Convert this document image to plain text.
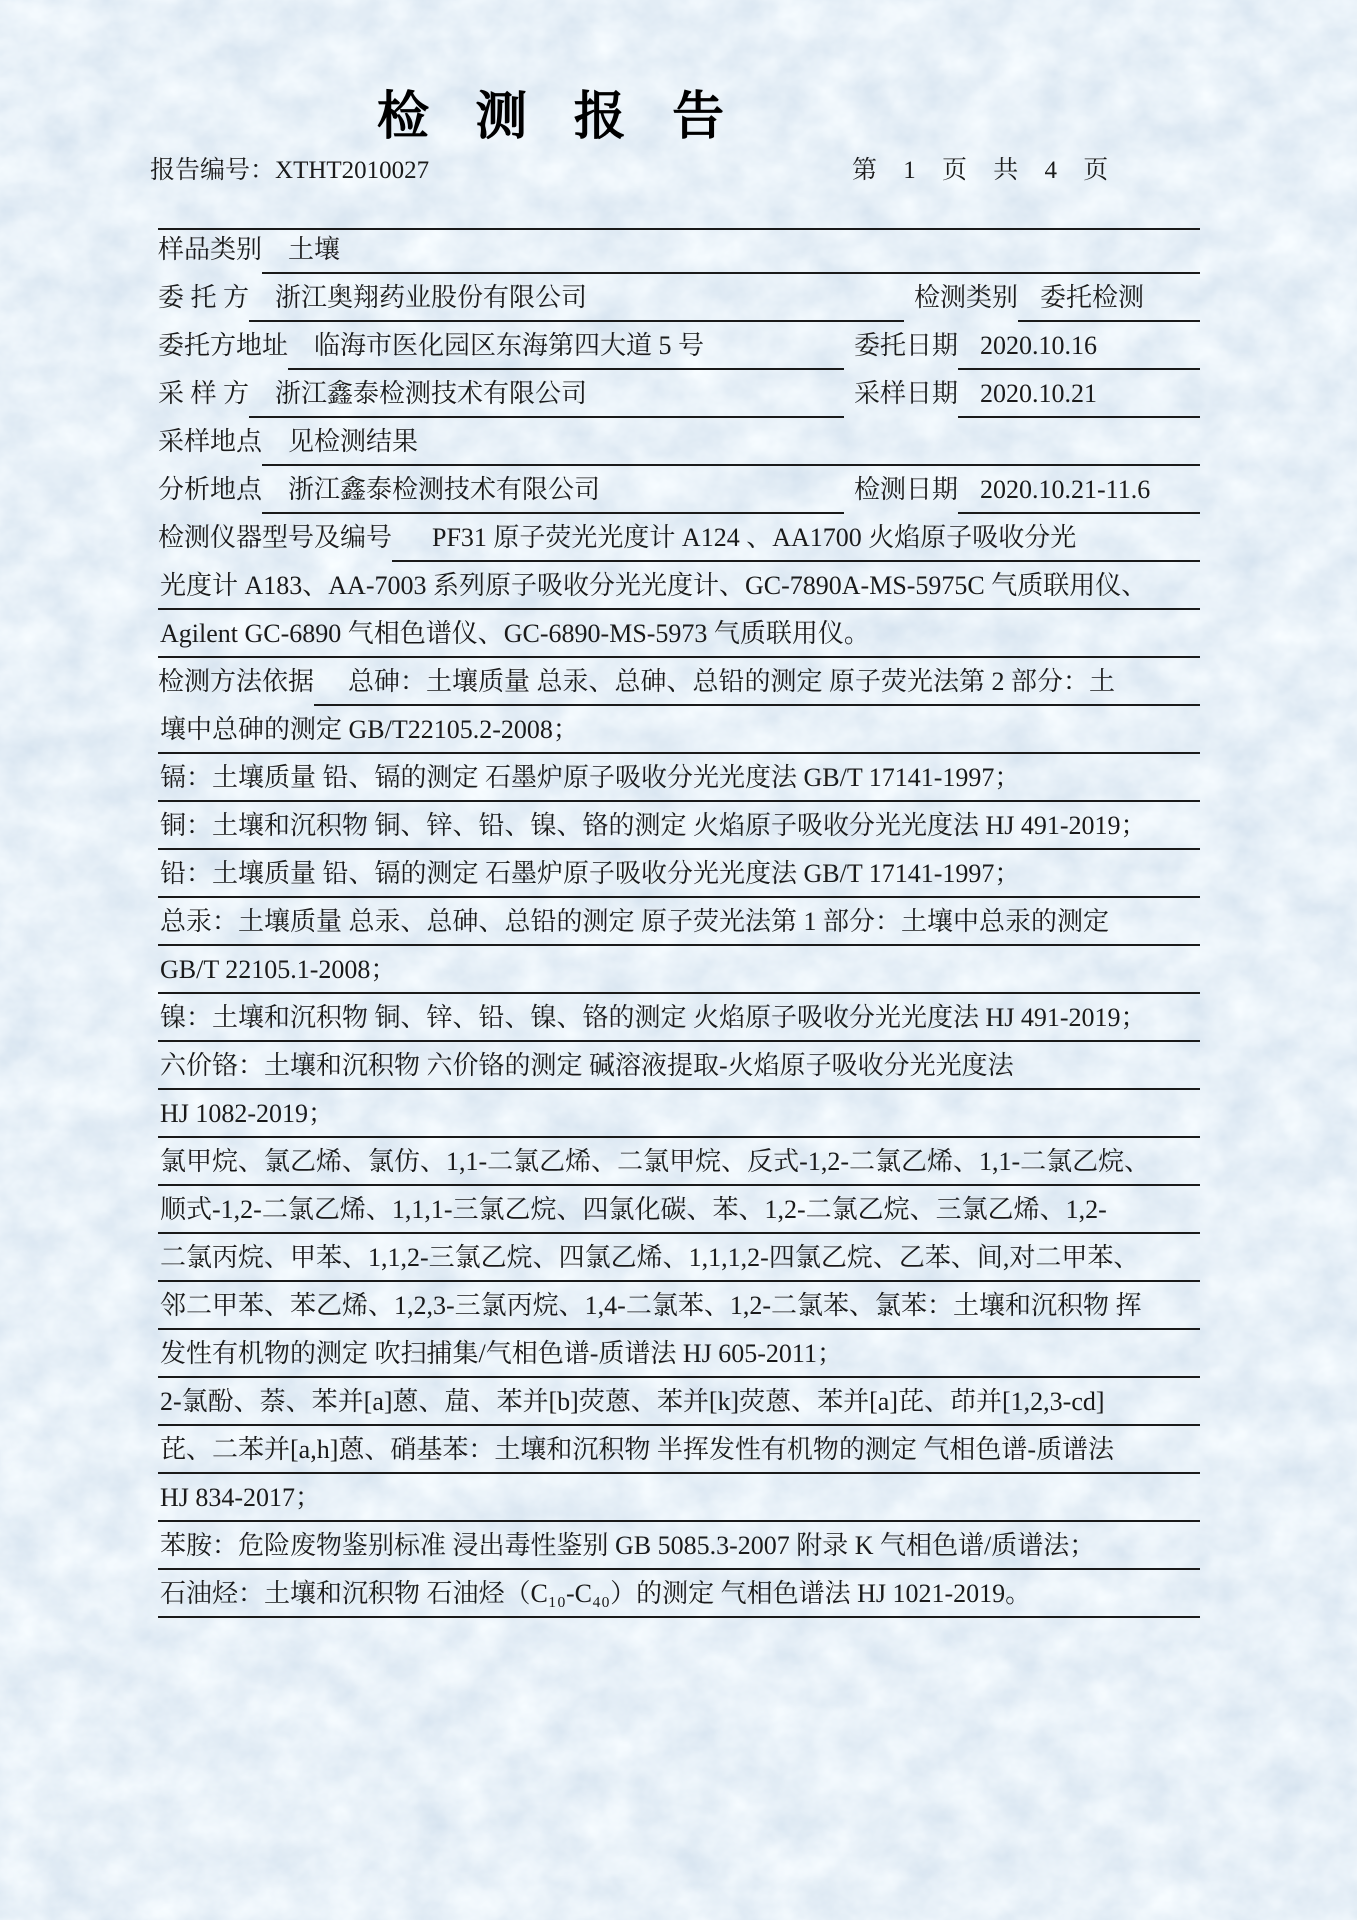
检 测 报 告
报告编号：XTHT2010027	第 1 页 共 4 页
样品类别	土壤
委 托 方	浙江奥翔药业股份有限公司	检测类别 委托检测
委托方地址	临海市医化园区东海第四大道 5 号	委托日期 2020.10.16
采 样 方	浙江鑫泰检测技术有限公司	采样日期 2020.10.21
采样地点	见检测结果
分析地点	浙江鑫泰检测技术有限公司	检测日期 2020.10.21-11.6
检测仪器型号及编号	PF31 原子荧光光度计 A124 、AA1700 火焰原子吸收分光
光度计 A183、AA-7003 系列原子吸收分光光度计、GC-7890A-MS-5975C 气质联用仪、
Agilent GC-6890 气相色谱仪、GC-6890-MS-5973 气质联用仪。
检测方法依据	总砷：土壤质量 总汞、总砷、总铅的测定 原子荧光法第 2 部分：土
壤中总砷的测定 GB/T22105.2-2008；
镉：土壤质量 铅、镉的测定 石墨炉原子吸收分光光度法 GB/T 17141-1997；
铜：土壤和沉积物 铜、锌、铅、镍、铬的测定 火焰原子吸收分光光度法 HJ 491-2019；
铅：土壤质量 铅、镉的测定 石墨炉原子吸收分光光度法 GB/T 17141-1997；
总汞：土壤质量 总汞、总砷、总铅的测定 原子荧光法第 1 部分：土壤中总汞的测定
GB/T 22105.1-2008；
镍：土壤和沉积物 铜、锌、铅、镍、铬的测定 火焰原子吸收分光光度法 HJ 491-2019；
六价铬：土壤和沉积物 六价铬的测定 碱溶液提取-火焰原子吸收分光光度法
HJ 1082-2019；
氯甲烷、氯乙烯、氯仿、1,1-二氯乙烯、二氯甲烷、反式-1,2-二氯乙烯、1,1-二氯乙烷、
顺式-1,2-二氯乙烯、1,1,1-三氯乙烷、四氯化碳、苯、1,2-二氯乙烷、三氯乙烯、1,2-
二氯丙烷、甲苯、1,1,2-三氯乙烷、四氯乙烯、1,1,1,2-四氯乙烷、乙苯、间,对二甲苯、
邻二甲苯、苯乙烯、1,2,3-三氯丙烷、1,4-二氯苯、1,2-二氯苯、氯苯：土壤和沉积物 挥
发性有机物的测定 吹扫捕集/气相色谱-质谱法 HJ 605-2011；
2-氯酚、萘、苯并[a]蒽、䓛、苯并[b]荧蒽、苯并[k]荧蒽、苯并[a]芘、茚并[1,2,3-cd]
芘、二苯并[a,h]蒽、硝基苯：土壤和沉积物 半挥发性有机物的测定 气相色谱-质谱法
HJ 834-2017；
苯胺：危险废物鉴别标准 浸出毒性鉴别 GB 5085.3-2007 附录 K 气相色谱/质谱法；
石油烃：土壤和沉积物 石油烃（C₁₀-C₄₀）的测定 气相色谱法 HJ 1021-2019。
